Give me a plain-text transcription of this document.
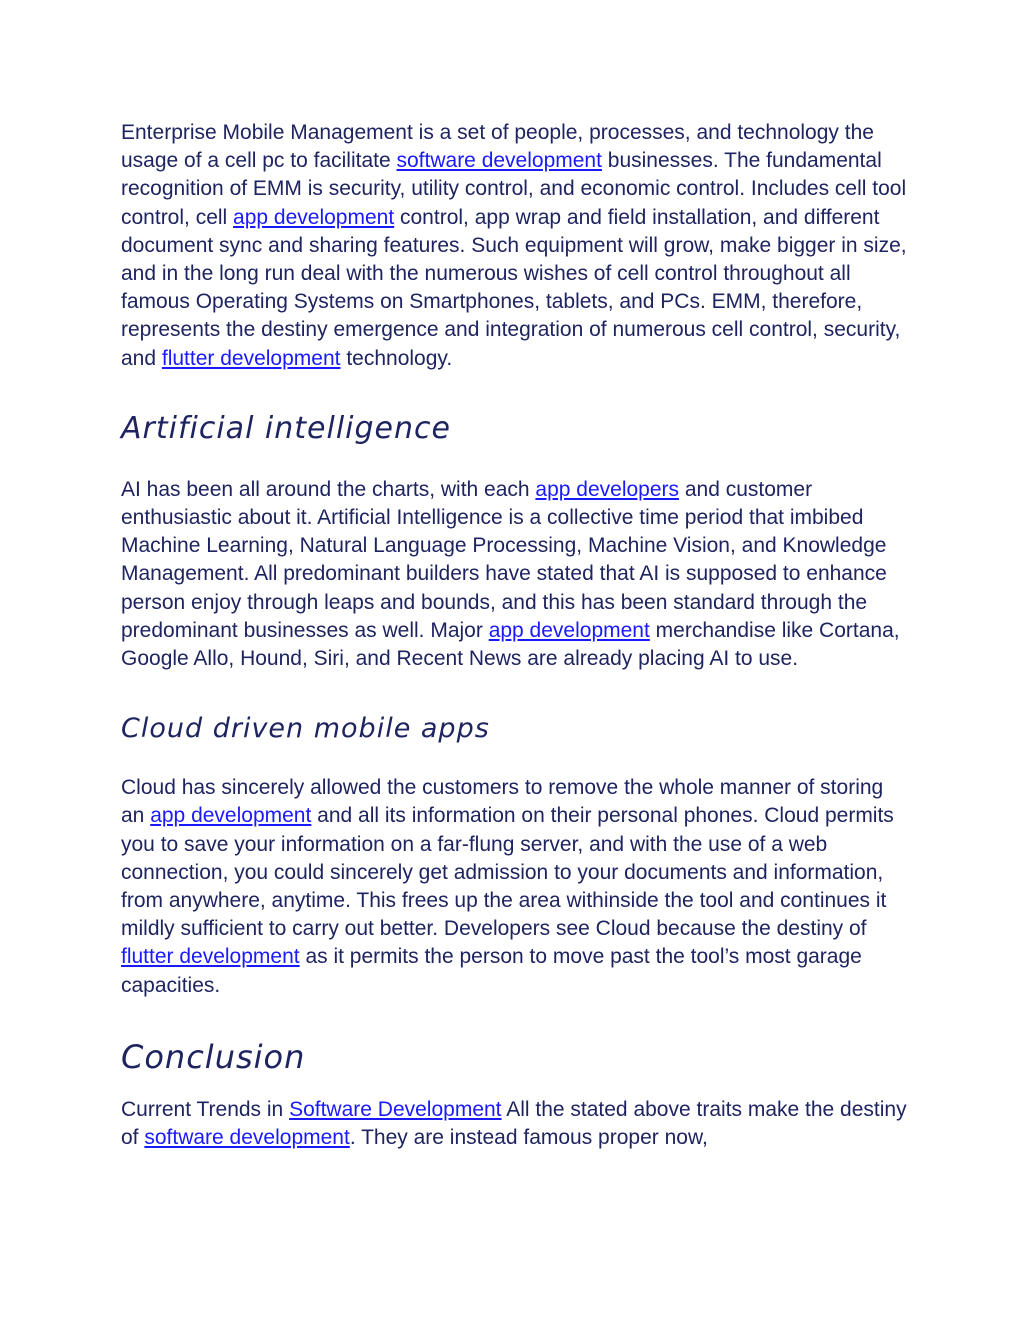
Enterprise Mobile Management is a set of people, processes, and technology the usage of a cell pc to facilitate software development businesses. The fundamental recognition of EMM is security, utility control, and economic control. Includes cell tool control, cell app development control, app wrap and field installation, and different document sync and sharing features. Such equipment will grow, make bigger in size, and in the long run deal with the numerous wishes of cell control throughout all famous Operating Systems on Smartphones, tablets, and PCs. EMM, therefore, represents the destiny emergence and integration of numerous cell control, security, and flutter development technology.

Artificial intelligence

AI has been all around the charts, with each app developers and customer enthusiastic about it. Artificial Intelligence is a collective time period that imbibed Machine Learning, Natural Language Processing, Machine Vision, and Knowledge Management. All predominant builders have stated that AI is supposed to enhance person enjoy through leaps and bounds, and this has been standard through the predominant businesses as well. Major app development merchandise like Cortana, Google Allo, Hound, Siri, and Recent News are already placing AI to use.

Cloud driven mobile apps

Cloud has sincerely allowed the customers to remove the whole manner of storing an app development and all its information on their personal phones. Cloud permits you to save your information on a far-flung server, and with the use of a web connection, you could sincerely get admission to your documents and information, from anywhere, anytime. This frees up the area withinside the tool and continues it mildly sufficient to carry out better. Developers see Cloud because the destiny of flutter development as it permits the person to move past the tool’s most garage capacities.

Conclusion

Current Trends in Software Development All the stated above traits make the destiny of software development. They are instead famous proper now,
